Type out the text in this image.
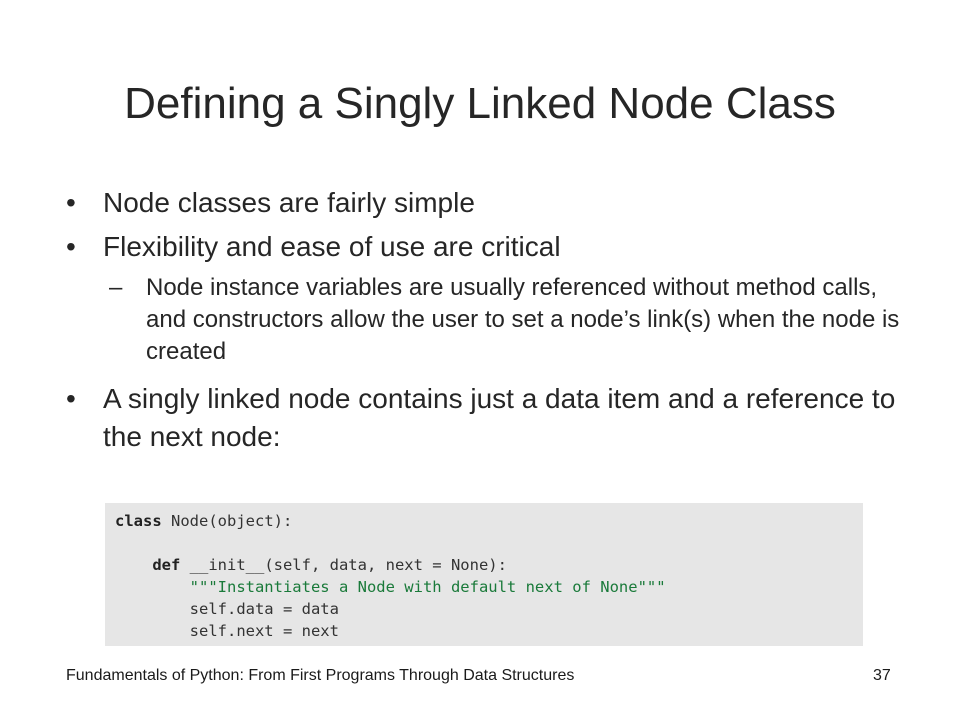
Defining a Singly Linked Node Class
• Node classes are fairly simple
• Flexibility and ease of use are critical
– Node instance variables are usually referenced without method calls, and constructors allow the user to set a node’s link(s) when the node is created
• A singly linked node contains just a data item and a reference to the next node:
class Node(object):

def __init__(self, data, next = None):
"""Instantiates a Node with default next of None"""
self.data = data
self.next = next
Fundamentals of Python: From First Programs Through Data Structures	37
